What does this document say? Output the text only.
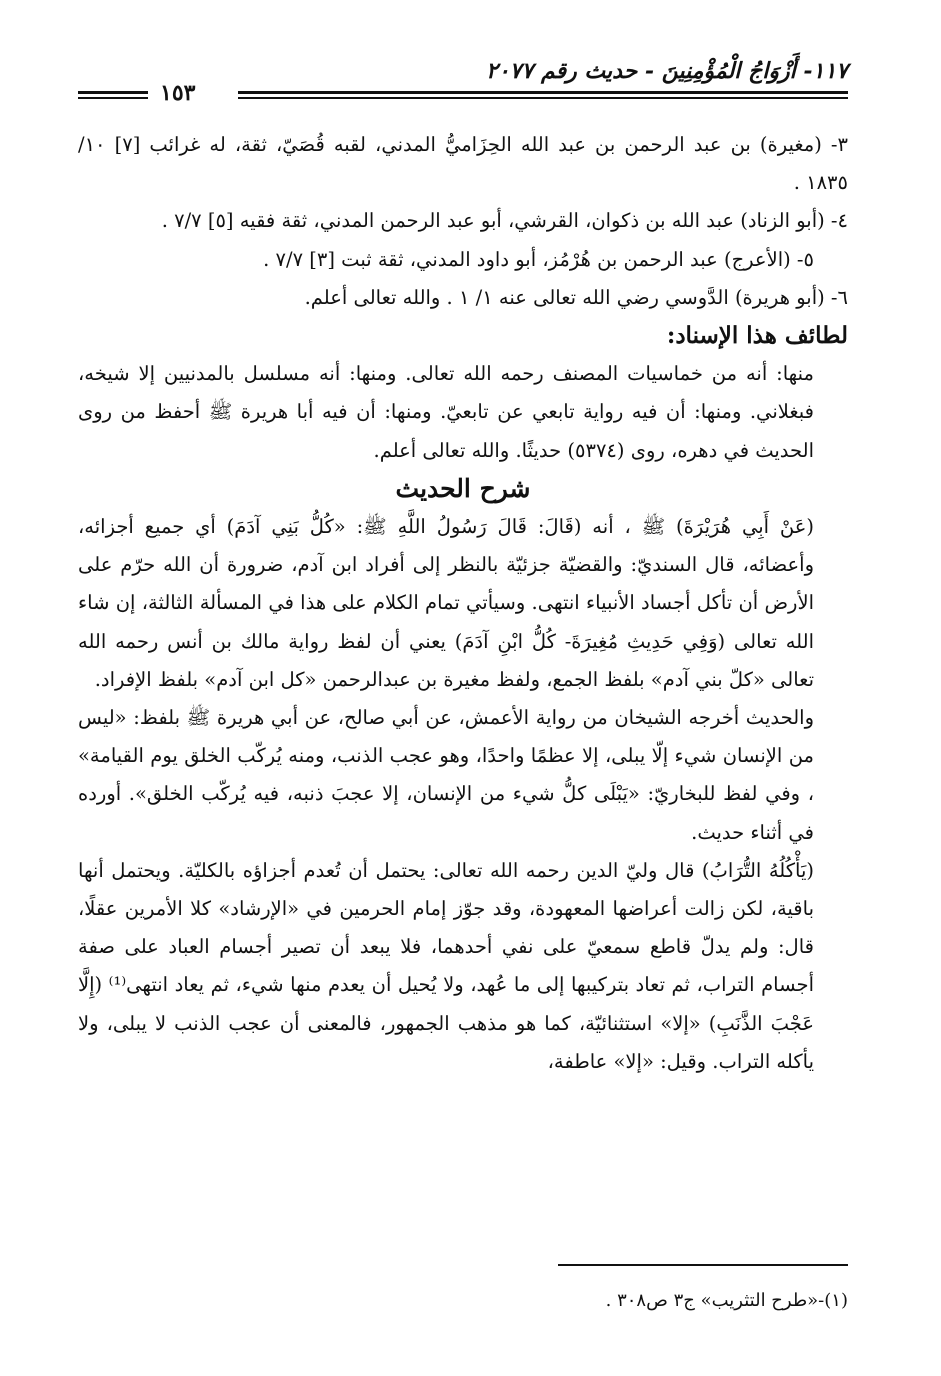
١١٧- أَزْوَاجُ الْمُؤْمِنِينَ - حديث رقم ٢٠٧٧
١٥٣

٣- (مغيرة) بن عبد الرحمن بن عبد الله الحِزَاميُّ المدني، لقبه قُصَيّ، ثقة، له غرائب [٧] ١٠/ ١٨٣٥ .

٤- (أبو الزناد) عبد الله بن ذكوان، القرشي، أبو عبد الرحمن المدني، ثقة فقيه [٥] ٧/٧ .

٥- (الأعرج) عبد الرحمن بن هُرْمُز، أبو داود المدني، ثقة ثبت [٣] ٧/٧ .

٦- (أبو هريرة) الدَّوسي رضي الله تعالى عنه ١/ ١ . والله تعالى أعلم.

لطائف هذا الإسناد:

منها: أنه من خماسيات المصنف رحمه الله تعالى. ومنها: أنه مسلسل بالمدنيين إلا شيخه، فبغلاني. ومنها: أن فيه رواية تابعي عن تابعيّ. ومنها: أن فيه أبا هريرة ﷺ أحفظ من روى الحديث في دهره، روى (٥٣٧٤) حديثًا. والله تعالى أعلم.

شرح الحديث

(عَنْ أَبِي هُرَيْرَةَ) ﷺ ، أنه (قَالَ: قَالَ رَسُولُ اللَّهِ ﷺ: «كُلُّ بَنِي آدَمَ) أي جميع أجزائه، وأعضائه، قال السنديّ: والقضيّة جزئيّة بالنظر إلى أفراد ابن آدم، ضرورة أن الله حرّم على الأرض أن تأكل أجساد الأنبياء انتهى. وسيأتي تمام الكلام على هذا في المسألة الثالثة، إن شاء الله تعالى (وَفِي حَدِيثِ مُغِيرَةَ- كُلُّ ابْنِ آدَمَ) يعني أن لفظ رواية مالك بن أنس رحمه الله تعالى «كلّ بني آدم» بلفظ الجمع، ولفظ مغيرة بن عبدالرحمن «كل ابن آدم» بلفظ الإفراد.

والحديث أخرجه الشيخان من رواية الأعمش، عن أبي صالح، عن أبي هريرة ﷺ بلفظ: «ليس من الإنسان شيء إلّا يبلى، إلا عظمًا واحدًا، وهو عجب الذنب، ومنه يُركّب الخلق يوم القيامة» ، وفي لفظ للبخاريّ: «يَبْلَى كلُّ شيء من الإنسان، إلا عجبَ ذنبه، فيه يُركّب الخلق». أورده في أثناء حديث.

(يَأْكُلُهُ التُّرَابُ) قال وليّ الدين رحمه الله تعالى: يحتمل أن تُعدم أجزاؤه بالكليّة. ويحتمل أنها باقية، لكن زالت أعراضها المعهودة، وقد جوّز إمام الحرمين في «الإرشاد» كلا الأمرين عقلًا، قال: ولم يدلّ قاطع سمعيّ على نفي أحدهما، فلا يبعد أن تصير أجسام العباد على صفة أجسام التراب، ثم تعاد بتركيبها إلى ما عُهد، ولا يُحيل أن يعدم منها شيء، ثم يعاد انتهى⁽¹⁾ (إِلَّا عَجْبَ الذَّنَبِ) «إلا» استثنائيّة، كما هو مذهب الجمهور، فالمعنى أن عجب الذنب لا يبلى، ولا يأكله التراب. وقيل: «إلا» عاطفة،

(١)-«طرح التثريب» ج٣ ص٣٠٨ .
